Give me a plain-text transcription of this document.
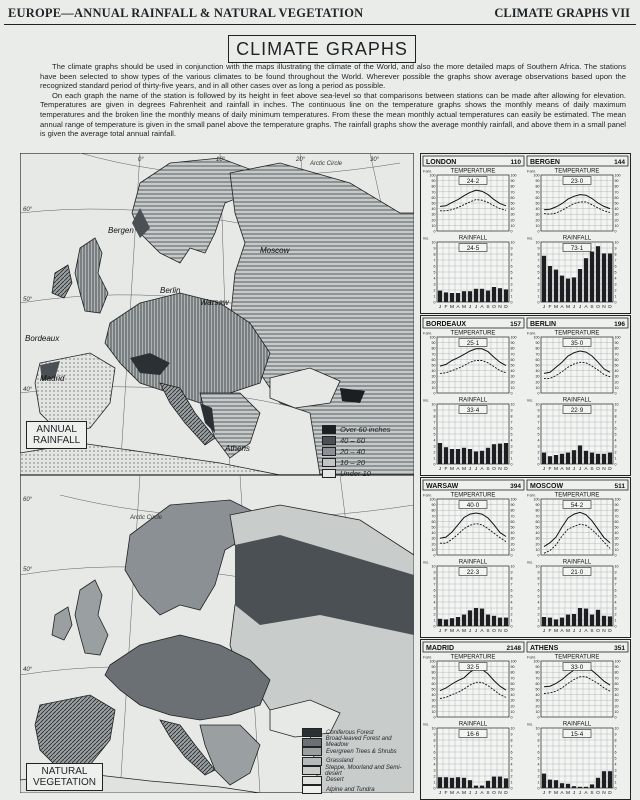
EUROPE—ANNUAL RAINFALL & NATURAL VEGETATION	CLIMATE GRAPHS VII
CLIMATE GRAPHS

The climate graphs should be used in conjunction with the maps illustrating the climate of the World, and also the more detailed maps of Southern Africa. The stations have been selected to show types of the various climates to be found throughout the World. Wherever possible the graphs show average observations based upon the recognized standard period of thirty-five years, and in all other cases over as long a period as possible.

On each graph the name of the station is followed by its height in feet above sea-level so that comparisons between stations can be made after allowing for elevation. Temperatures are given in degrees Fahrenheit and rainfall in inches. The continuous line on the temperature graphs shows the monthly means of daily maximum temperatures and the broken line the monthly means of daily minimum temperatures. From these the mean monthly actual temperatures can easily be estimated. The mean annual range of temperature is given in the small panel above the temperature graphs. The rainfall graphs show the average monthly rainfall, and above them in a small panel is given the average total annual rainfall.

Bergen
Moscow
Berlin
Warsaw
Bordeaux
Madrid
Athens
Arctic Circle
0°	10°	20°	30°
40°
50°
60°
Arctic Circle
40°
50°
60°
ANNUAL
RAINFALL
NATURAL
VEGETATION
Over 60 inches
40 – 60
20 – 40
10 – 20
Under 10
Coniferous Forest
Broad-leaved Forest and Meadow
Evergreen Trees & Shrubs
Grassland
Steppe, Moorland and Semi-desert
Desert
Alpine and Tundra
LONDON	110
TEMPERATURE
Fahr.
100	100
90	90
80	80
70	70
60	60
50	50
40	40
30	30
20	20
10	10
0	0
24·2
RAINFALL
ins.
10	10
9	9
8	8
7	7
6	6
5	5
4	4
3	3
2	2
1	1
0	0
24·5
J F M A M J J A S O N D
BERGEN	144
TEMPERATURE
Fahr.
100	100
90	90
80	80
70	70
60	60
50	50
40	40
30	30
20	20
10	10
0	0
23·0
RAINFALL
ins.
10	10
9	9
8	8
7	7
6	6
5	5
4	4
3	3
2	2
1	1
0	0
73·1
J F M A M J J A S O N D
BORDEAUX	157
TEMPERATURE
Fahr.
100	100
90	90
80	80
70	70
60	60
50	50
40	40
30	30
20	20
10	10
0	0
25·1
RAINFALL
ins.
10	10
9	9
8	8
7	7
6	6
5	5
4	4
3	3
2	2
1	1
0	0
33·4
J F M A M J J A S O N D
BERLIN	196
TEMPERATURE
Fahr.
100	100
90	90
80	80
70	70
60	60
50	50
40	40
30	30
20	20
10	10
0	0
35·0
RAINFALL
ins.
10	10
9	9
8	8
7	7
6	6
5	5
4	4
3	3
2	2
1	1
0	0
22·9
J F M A M J J A S O N D
WARSAW	394
TEMPERATURE
Fahr.
100	100
90	90
80	80
70	70
60	60
50	50
40	40
30	30
20	20
10	10
0	0
40·0
RAINFALL
ins.
10	10
9	9
8	8
7	7
6	6
5	5
4	4
3	3
2	2
1	1
0	0
22·3
J F M A M J J A S O N D
MOSCOW	511
TEMPERATURE
Fahr.
100	100
90	90
80	80
70	70
60	60
50	50
40	40
30	30
20	20
10	10
0	0
54·2
RAINFALL
ins.
10	10
9	9
8	8
7	7
6	6
5	5
4	4
3	3
2	2
1	1
0	0
21·0
J F M A M J J A S O N D
MADRID	2148
TEMPERATURE
Fahr.
100	100
90	90
80	80
70	70
60	60
50	50
40	40
30	30
20	20
10	10
0	0
32·5
RAINFALL
ins.
10	10
9	9
8	8
7	7
6	6
5	5
4	4
3	3
2	2
1	1
0	0
16·6
J F M A M J J A S O N D
ATHENS	351
TEMPERATURE
Fahr.
100	100
90	90
80	80
70	70
60	60
50	50
40	40
30	30
20	20
10	10
0	0
33·0
RAINFALL
ins.
10	10
9	9
8	8
7	7
6	6
5	5
4	4
3	3
2	2
1	1
0	0
15·4
J F M A M J J A S O N D
